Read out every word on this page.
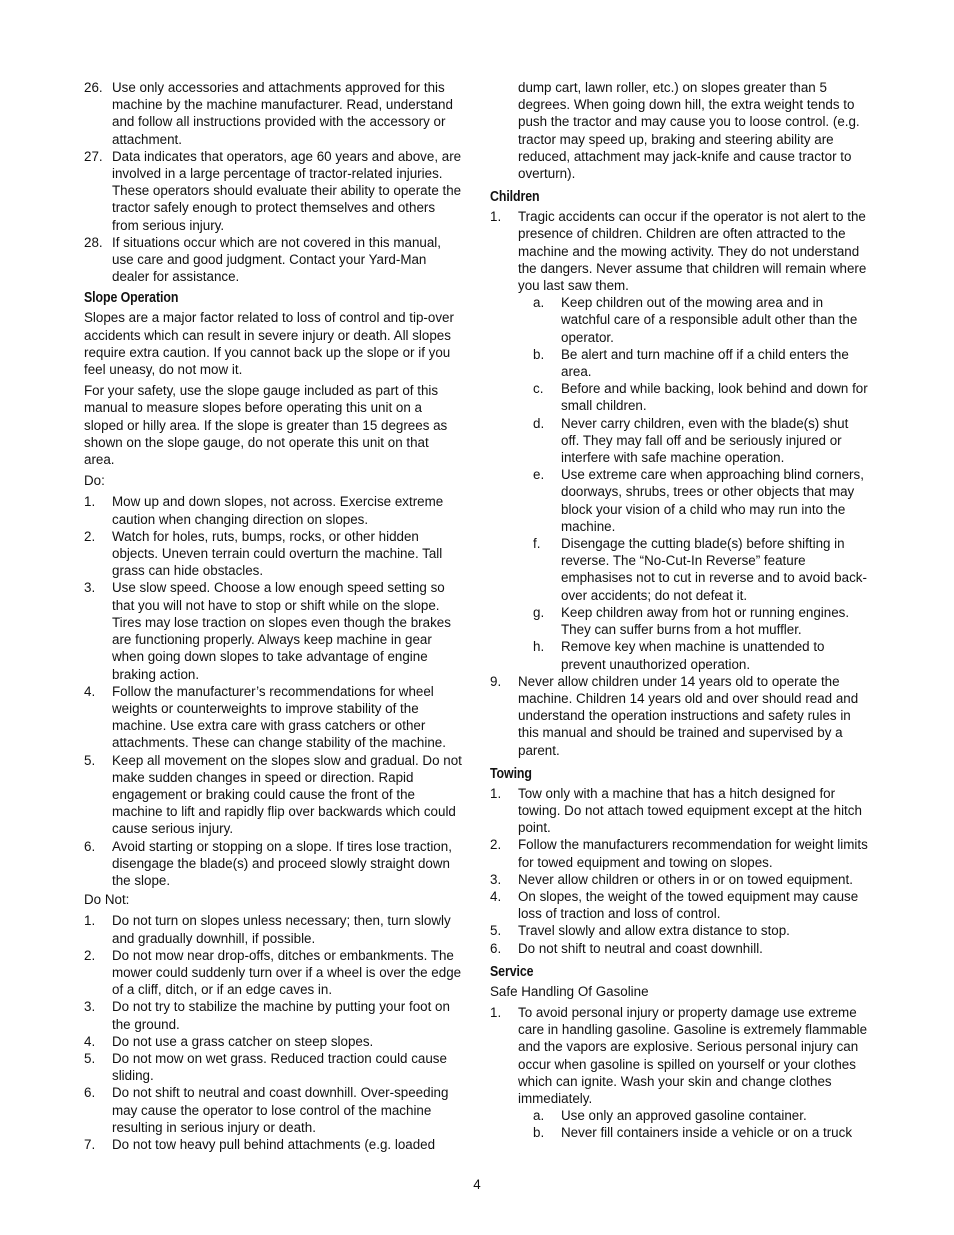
26. Use only accessories and attachments approved for this machine by the machine manufacturer. Read, understand and follow all instructions provided with the accessory or attachment.
27. Data indicates that operators, age 60 years and above, are involved in a large percentage of tractor-related injuries. These operators should evaluate their ability to operate the tractor safely enough to protect themselves and others from serious injury.
28. If situations occur which are not covered in this manual, use care and good judgment. Contact your Yard-Man dealer for assistance.
Slope Operation

Slopes are a major factor related to loss of control and tip-over accidents which can result in severe injury or death. All slopes require extra caution. If you cannot back up the slope or if you feel uneasy, do not mow it.

For your safety, use the slope gauge included as part of this manual to measure slopes before operating this unit on a sloped or hilly area. If the slope is greater than 15 degrees as shown on the slope gauge, do not operate this unit on that area.

Do:
1.	Mow up and down slopes, not across. Exercise extreme caution when changing direction on slopes.
2.	Watch for holes, ruts, bumps, rocks, or other hidden objects. Uneven terrain could overturn the machine. Tall grass can hide obstacles.
3.	Use slow speed. Choose a low enough speed setting so that you will not have to stop or shift while on the slope. Tires may lose traction on slopes even though the brakes are functioning properly. Always keep machine in gear when going down slopes to take advantage of engine braking action.
4.	Follow the manufacturer’s recommendations for wheel weights or counterweights to improve stability of the machine. Use extra care with grass catchers or other attachments. These can change stability of the machine.
5.	Keep all movement on the slopes slow and gradual. Do not make sudden changes in speed or direction. Rapid engagement or braking could cause the front of the machine to lift and rapidly flip over backwards which could cause serious injury.
6.	Avoid starting or stopping on a slope. If tires lose traction, disengage the blade(s) and proceed slowly straight down the slope.
Do Not:
1.	Do not turn on slopes unless necessary; then, turn slowly and gradually downhill, if possible.
2.	Do not mow near drop-offs, ditches or embankments. The mower could suddenly turn over if a wheel is over the edge of a cliff, ditch, or if an edge caves in.
3.	Do not try to stabilize the machine by putting your foot on the ground.
4.	Do not use a grass catcher on steep slopes.
5.	Do not mow on wet grass. Reduced traction could cause sliding.
6.	Do not shift to neutral and coast downhill. Over-speeding may cause the operator to lose control of the machine resulting in serious injury or death.
7.	Do not tow heavy pull behind attachments (e.g. loaded
dump cart, lawn roller, etc.) on slopes greater than 5 degrees. When going down hill, the extra weight tends to push the tractor and may cause you to loose control. (e.g. tractor may speed up, braking and steering ability are reduced, attachment may jack-knife and cause tractor to overturn).
Children
1.	Tragic accidents can occur if the operator is not alert to the presence of children. Children are often attracted to the machine and the mowing activity. They do not understand the dangers. Never assume that children will remain where you last saw them.
a.	Keep children out of the mowing area and in watchful care of a responsible adult other than the operator.
b.	Be alert and turn machine off if a child enters the area.
c.	Before and while backing, look behind and down for small children.
d.	Never carry children, even with the blade(s) shut off. They may fall off and be seriously injured or interfere with safe machine operation.
e.	Use extreme care when approaching blind corners, doorways, shrubs, trees or other objects that may block your vision of a child who may run into the machine.
f.	Disengage the cutting blade(s) before shifting in reverse. The “No-Cut-In Reverse” feature emphasises not to cut in reverse and to avoid back-over accidents; do not defeat it.
g.	Keep children away from hot or running engines. They can suffer burns from a hot muffler.
h.	Remove key when machine is unattended to prevent unauthorized operation.
9.	Never allow children under 14 years old to operate the machine. Children 14 years old and over should read and understand the operation instructions and safety rules in this manual and should be trained and supervised by a parent.
Towing
1.	Tow only with a machine that has a hitch designed for towing. Do not attach towed equipment except at the hitch point.
2.	Follow the manufacturers recommendation for weight limits for towed equipment and towing on slopes.
3.	Never allow children or others in or on towed equipment.
4.	On slopes, the weight of the towed equipment may cause loss of traction and loss of control.
5.	Travel slowly and allow extra distance to stop.
6.	Do not shift to neutral and coast downhill.
Service
Safe Handling Of Gasoline
1.	To avoid personal injury or property damage use extreme care in handling gasoline. Gasoline is extremely flammable and the vapors are explosive. Serious personal injury can occur when gasoline is spilled on yourself or your clothes which can ignite. Wash your skin and change clothes immediately.
a.	Use only an approved gasoline container.
b.	Never fill containers inside a vehicle or on a truck
4
